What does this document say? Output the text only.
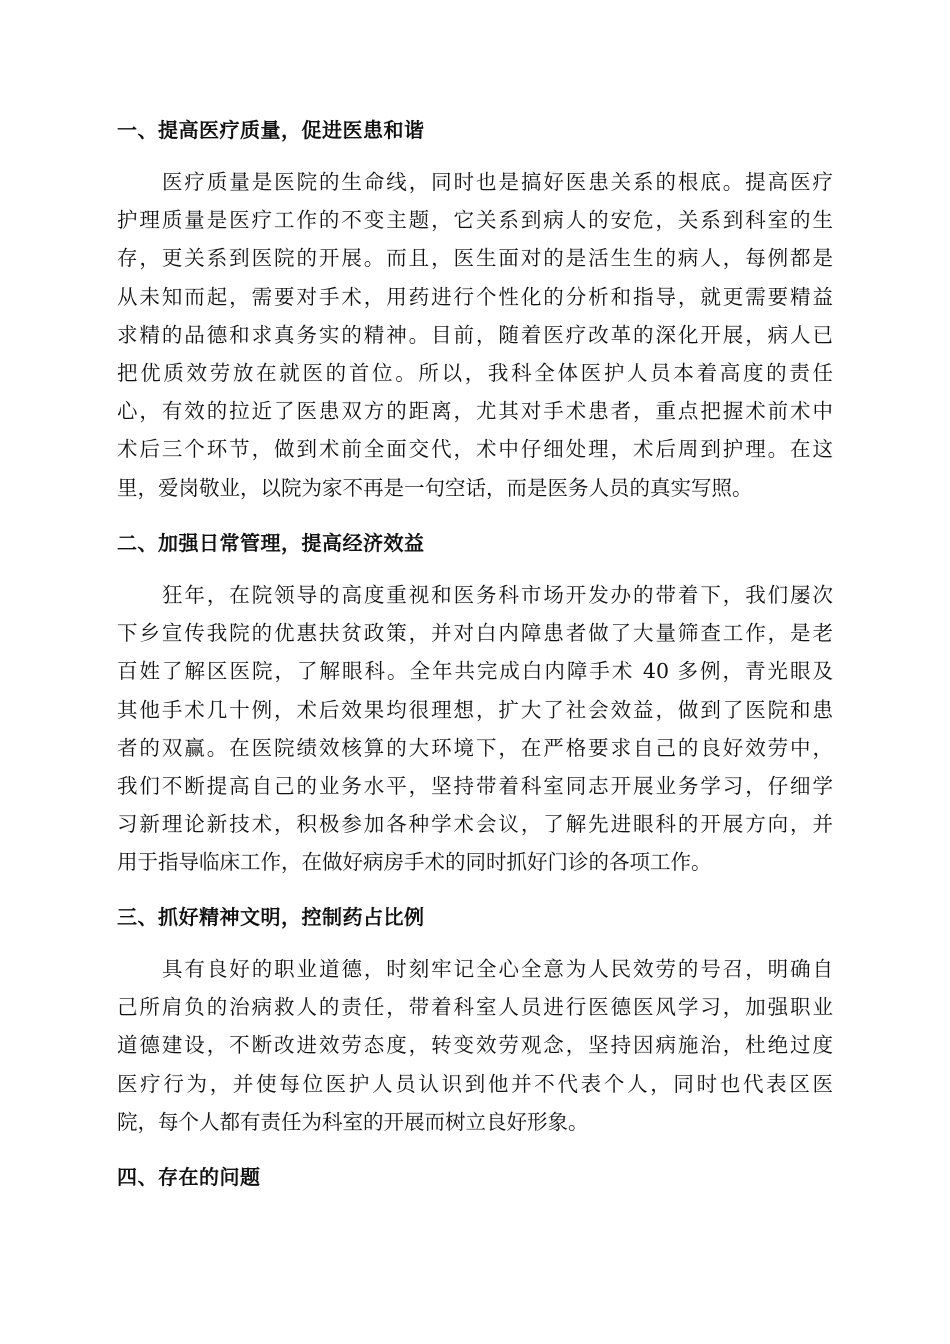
一、提高医疗质量，促进医患和谐
医疗质量是医院的生命线，同时也是搞好医患关系的根底。提高医疗
护理质量是医疗工作的不变主题，它关系到病人的安危，关系到科室的生
存，更关系到医院的开展。而且，医生面对的是活生生的病人，每例都是
从未知而起，需要对手术，用药进行个性化的分析和指导，就更需要精益
求精的品德和求真务实的精神。目前，随着医疗改革的深化开展，病人已
把优质效劳放在就医的首位。所以，我科全体医护人员本着高度的责任
心，有效的拉近了医患双方的距离，尤其对手术患者，重点把握术前术中
术后三个环节，做到术前全面交代，术中仔细处理，术后周到护理。在这
里，爱岗敬业，以院为家不再是一句空话，而是医务人员的真实写照。
二、加强日常管理，提高经济效益
狂年，在院领导的高度重视和医务科市场开发办的带着下，我们屡次
下乡宣传我院的优惠扶贫政策，并对白内障患者做了大量筛查工作，是老
百姓了解区医院，了解眼科。全年共完成白内障手术 40 多例，青光眼及
其他手术几十例，术后效果均很理想，扩大了社会效益，做到了医院和患
者的双赢。在医院绩效核算的大环境下，在严格要求自己的良好效劳中，
我们不断提高自己的业务水平，坚持带着科室同志开展业务学习，仔细学
习新理论新技术，积极参加各种学术会议，了解先进眼科的开展方向，并
用于指导临床工作，在做好病房手术的同时抓好门诊的各项工作。
三、抓好精神文明，控制药占比例
具有良好的职业道德，时刻牢记全心全意为人民效劳的号召，明确自
己所肩负的治病救人的责任，带着科室人员进行医德医风学习，加强职业
道德建设，不断改进效劳态度，转变效劳观念，坚持因病施治，杜绝过度
医疗行为，并使每位医护人员认识到他并不代表个人，同时也代表区医
院，每个人都有责任为科室的开展而树立良好形象。
四、存在的问题
